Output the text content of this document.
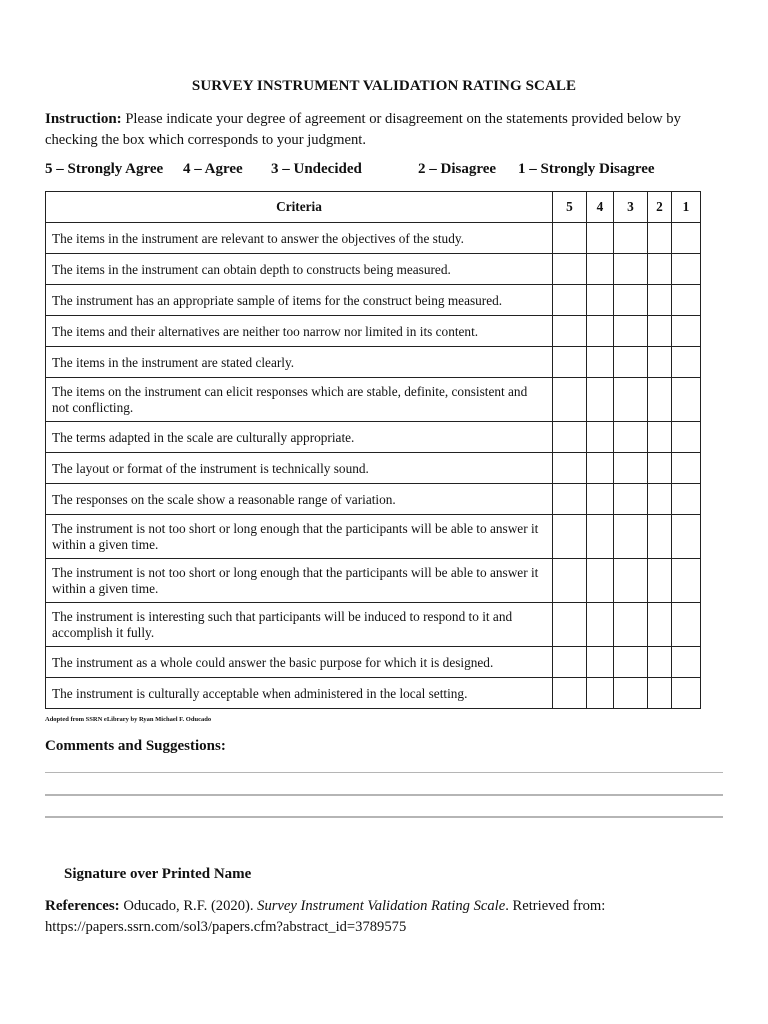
SURVEY INSTRUMENT VALIDATION RATING SCALE
Instruction: Please indicate your degree of agreement or disagreement on the statements provided below by checking the box which corresponds to your judgment.
5 – Strongly Agree 4 – Agree 3 – Undecided	2 – Disagree 1 – Strongly Disagree
Criteria	5	4	3	2	1
The items in the instrument are relevant to answer the objectives of the study.					
The items in the instrument can obtain depth to constructs being measured.					
The instrument has an appropriate sample of items for the construct being measured.					
The items and their alternatives are neither too narrow nor limited in its content.					
The items in the instrument are stated clearly.					
The items on the instrument can elicit responses which are stable, definite, consistent and not conflicting.					
The terms adapted in the scale are culturally appropriate.					
The layout or format of the instrument is technically sound.					
The responses on the scale show a reasonable range of variation.					
The instrument is not too short or long enough that the participants will be able to answer it within a given time.					
The instrument is not too short or long enough that the participants will be able to answer it within a given time.					
The instrument is interesting such that participants will be induced to respond to it and accomplish it fully.					
The instrument as a whole could answer the basic purpose for which it is designed.					
The instrument is culturally acceptable when administered in the local setting.					
Adopted from SSRN eLibrary by Ryan Michael F. Oducado
Comments and Suggestions:
Signature over Printed Name
References: Oducado, R.F. (2020). Survey Instrument Validation Rating Scale. Retrieved from:
https://papers.ssrn.com/sol3/papers.cfm?abstract_id=3789575
